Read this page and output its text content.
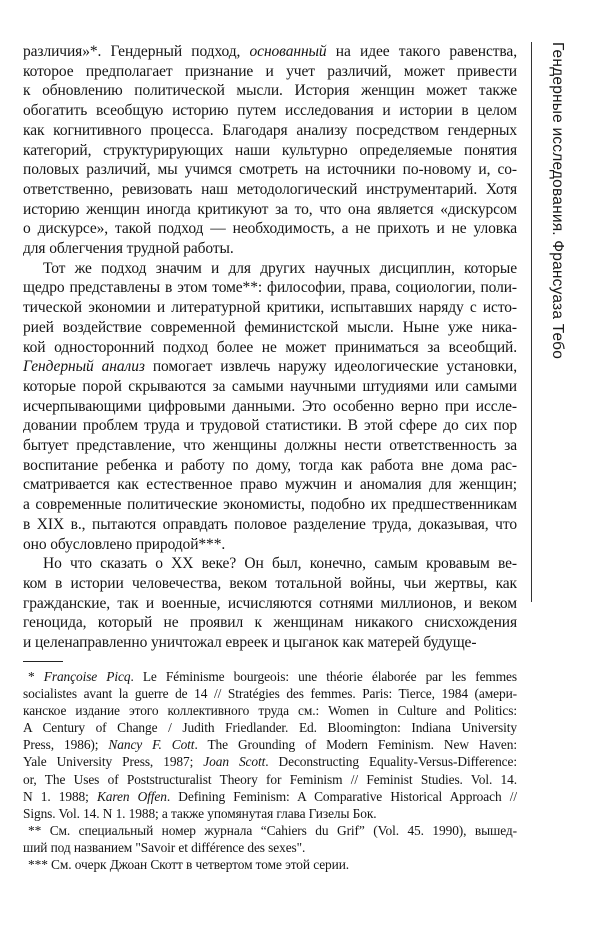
Гендерные исследования. Франсуаза Тебо
различия»*. Гендерный подход, основанный на идее такого равенства,
которое предполагает признание и учет различий, может привести
к обновлению политической мысли. История женщин может также
обогатить всеобщую историю путем исследования и истории в целом
как когнитивного процесса. Благодаря анализу посредством гендерных
категорий, структурирующих наши культурно определяемые понятия
половых различий, мы учимся смотреть на источники по-новому и, со-
ответственно, ревизовать наш методологический инструментарий. Хотя
историю женщин иногда критикуют за то, что она является «дискурсом
о дискурсе», такой подход — необходимость, а не прихоть и не уловка
для облегчения трудной работы.
Тот же подход значим и для других научных дисциплин, которые
щедро представлены в этом томе**: философии, права, социологии, поли-
тической экономии и литературной критики, испытавших наряду с исто-
рией воздействие современной феминистской мысли. Ныне уже ника-
кой односторонний подход более не может приниматься за всеобщий.
Гендерный анализ помогает извлечь наружу идеологические установки,
которые порой скрываются за самыми научными штудиями или самыми
исчерпывающими цифровыми данными. Это особенно верно при иссле-
довании проблем труда и трудовой статистики. В этой сфере до сих пор
бытует представление, что женщины должны нести ответственность за
воспитание ребенка и работу по дому, тогда как работа вне дома рас-
сматривается как естественное право мужчин и аномалия для женщин;
а современные политические экономисты, подобно их предшественникам
в XIX в., пытаются оправдать половое разделение труда, доказывая, что
оно обусловлено природой***.
Но что сказать о XX веке? Он был, конечно, самым кровавым ве-
ком в истории человечества, веком тотальной войны, чьи жертвы, как
гражданские, так и военные, исчисляются сотнями миллионов, и веком
геноцида, который не проявил к женщинам никакого снисхождения
и целенаправленно уничтожал евреек и цыганок как матерей будуще-
* Françoise Picq. Le Féminisme bourgeois: une théorie élaborée par les femmes
socialistes avant la guerre de 14 // Stratégies des femmes. Paris: Tierce, 1984 (амери-
канское издание этого коллективного труда см.: Women in Culture and Politics:
A Century of Change / Judith Friedlander. Ed. Bloomington: Indiana University
Press, 1986); Nancy F. Cott. The Grounding of Modern Feminism. New Haven:
Yale University Press, 1987; Joan Scott. Deconstructing Equality-Versus-Difference:
or, The Uses of Poststructuralist Theory for Feminism // Feminist Studies. Vol. 14.
N 1. 1988; Karen Offen. Defining Feminism: A Comparative Historical Approach //
Signs. Vol. 14. N 1. 1988; а также упомянутая глава Гизелы Бок.
** См. специальный номер журнала “Cahiers du Grif” (Vol. 45. 1990), вышед-
ший под названием "Savoir et différence des sexes".
*** См. очерк Джоан Скотт в четвертом томе этой серии.
